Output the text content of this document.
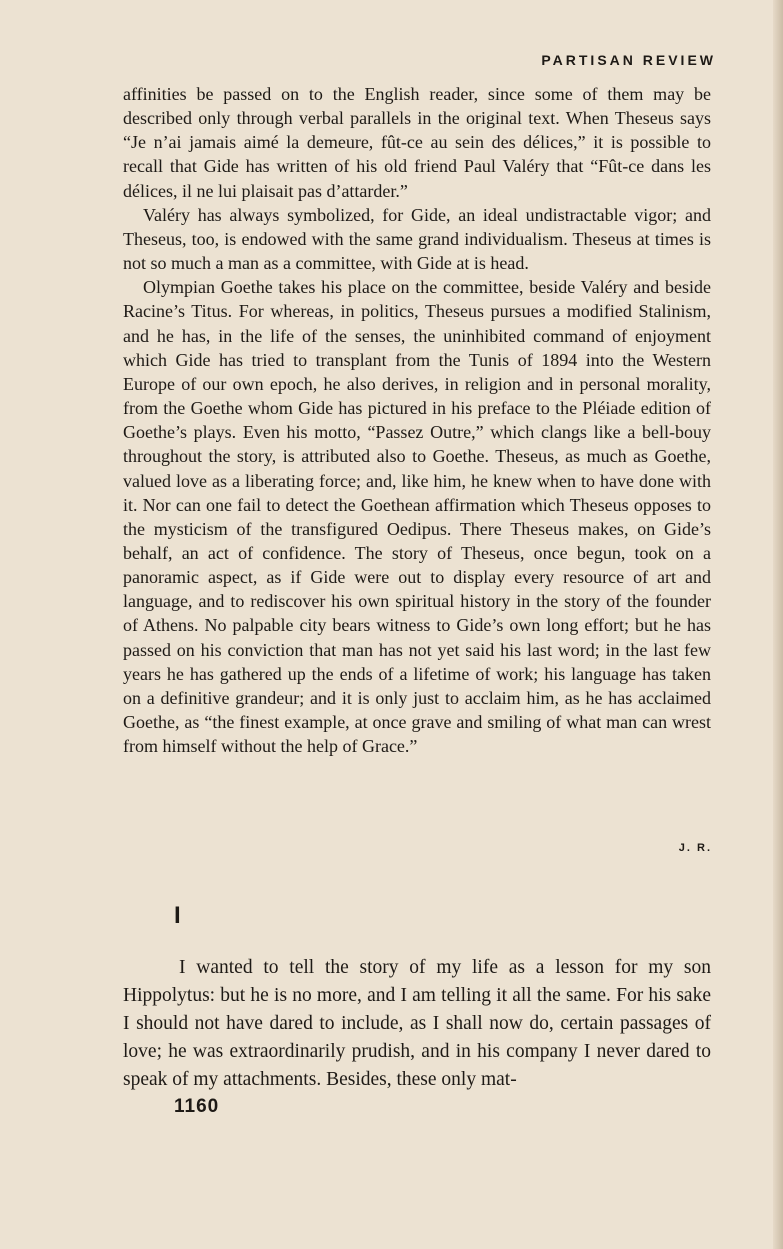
PARTISAN REVIEW

affinities be passed on to the English reader, since some of them may be described only through verbal parallels in the original text. When Theseus says “Je n’ai jamais aimé la demeure, fût-ce au sein des délices,” it is possible to recall that Gide has written of his old friend Paul Valéry that “Fût-ce dans les délices, il ne lui plaisait pas d’attarder.”

Valéry has always symbolized, for Gide, an ideal undistractable vigor; and Theseus, too, is endowed with the same grand individualism. Theseus at times is not so much a man as a committee, with Gide at is head.

Olympian Goethe takes his place on the committee, beside Valéry and beside Racine’s Titus. For whereas, in politics, Theseus pursues a modified Stalinism, and he has, in the life of the senses, the uninhibited command of enjoyment which Gide has tried to transplant from the Tunis of 1894 into the Western Europe of our own epoch, he also derives, in religion and in personal morality, from the Goethe whom Gide has pictured in his preface to the Pléiade edition of Goethe’s plays. Even his motto, “Passez Outre,” which clangs like a bell-bouy throughout the story, is attributed also to Goethe. Theseus, as much as Goethe, valued love as a liberating force; and, like him, he knew when to have done with it. Nor can one fail to detect the Goethean affirmation which Theseus opposes to the mysticism of the transfigured Oedipus. There Theseus makes, on Gide’s behalf, an act of confidence. The story of Theseus, once begun, took on a panoramic aspect, as if Gide were out to display every resource of art and language, and to rediscover his own spiritual history in the story of the founder of Athens. No palpable city bears witness to Gide’s own long effort; but he has passed on his conviction that man has not yet said his last word; in the last few years he has gathered up the ends of a lifetime of work; his language has taken on a definitive grandeur; and it is only just to acclaim him, as he has acclaimed Goethe, as “the finest example, at once grave and smiling of what man can wrest from himself without the help of Grace.”

J. R.
I

I wanted to tell the story of my life as a lesson for my son Hippolytus: but he is no more, and I am telling it all the same. For his sake I should not have dared to include, as I shall now do, certain passages of love; he was extraordinarily prudish, and in his company I never dared to speak of my attachments. Besides, these only mat-

1160
